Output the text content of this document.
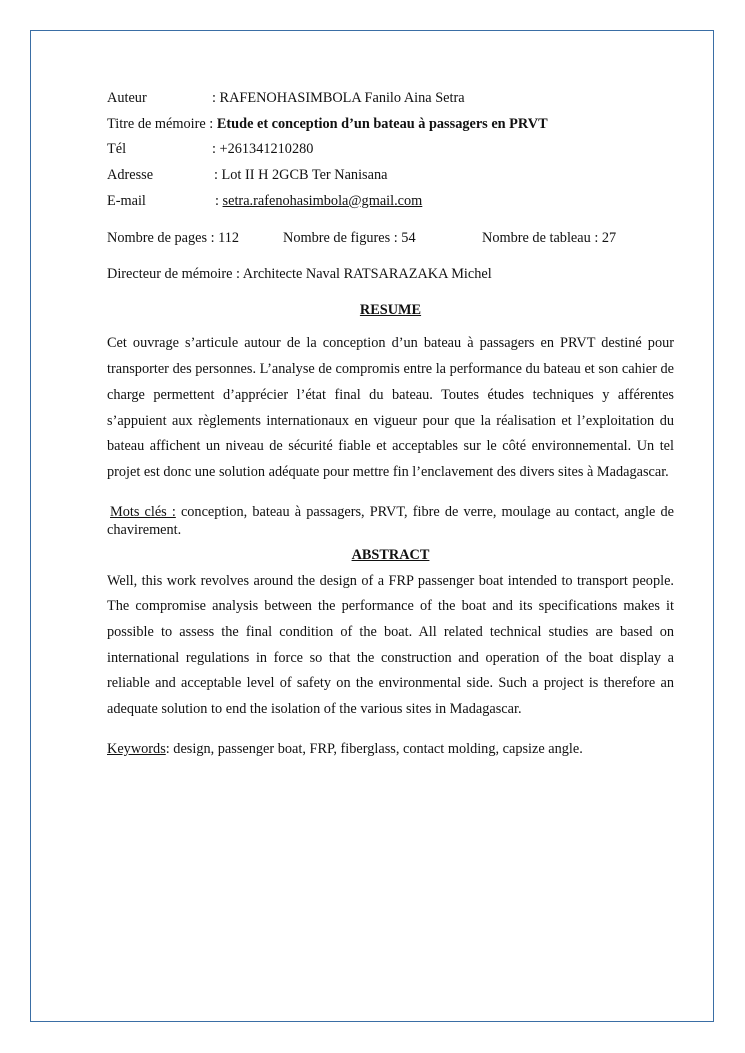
Auteur	: RAFENOHASIMBOLA Fanilo Aina Setra
Titre de mémoire :
Etude et conception d’un bateau à passagers en PRVT
Tél	: +261341210280
Adresse	: Lot II H 2GCB Ter Nanisana
E-mail	: setra.rafenohasimbola@gmail.com
Nombre de pages : 112	Nombre de figures : 54	Nombre de tableau : 27
Directeur de mémoire : Architecte Naval RATSARAZAKA Michel
RESUME

Cet ouvrage s’articule autour de la conception d’un bateau à passagers en PRVT destiné pour transporter des personnes. L’analyse de compromis entre la performance du bateau et son cahier de charge permettent d’apprécier l’état final du bateau. Toutes études techniques y afférentes s’appuient aux règlements internationaux en vigueur pour que la réalisation et l’exploitation du bateau affichent un niveau de sécurité fiable et acceptables sur le côté environnemental. Un tel projet est donc une solution adéquate pour mettre fin l’enclavement des divers sites à Madagascar.

Mots clés : conception, bateau à passagers, PRVT, fibre de verre, moulage au contact, angle de chavirement.

ABSTRACT

Well, this work revolves around the design of a FRP passenger boat intended to transport people. The compromise analysis between the performance of the boat and its specifications makes it possible to assess the final condition of the boat. All related technical studies are based on international regulations in force so that the construction and operation of the boat display a reliable and acceptable level of safety on the environmental side. Such a project is therefore an adequate solution to end the isolation of the various sites in Madagascar.

Keywords: design, passenger boat, FRP, fiberglass, contact molding, capsize angle.
